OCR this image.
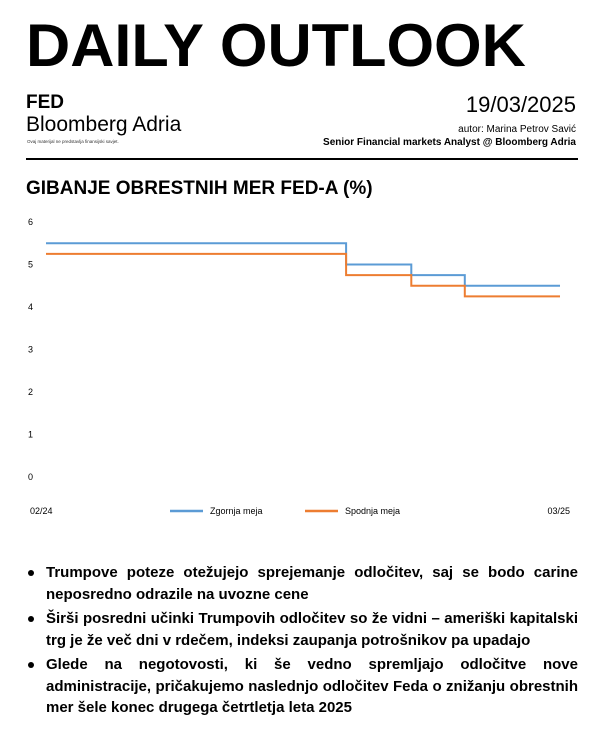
DAILY OUTLOOK
FED
Bloomberg Adria
Ovaj materijal ne predstavlja finansijski savjet.
19/03/2025
autor: Marina Petrov Savić
Senior Financial markets Analyst @ Bloomberg Adria
GIBANJE OBRESTNIH MER FED-A (%)
0
1
2
3
4
5
6
02/24	03/25
Zgornja meja	Spodnja meja
Trumpove poteze otežujejo sprejemanje odločitev, saj se bodo carine neposredno odrazile na uvozne cene
Širši posredni učinki Trumpovih odločitev so že vidni – ameriški kapitalski trg je že več dni v rdečem, indeksi zaupanja potrošnikov pa upadajo
Glede na negotovosti, ki še vedno spremljajo odločitve nove administracije, pričakujemo naslednjo odločitev Feda o znižanju obrestnih mer šele konec drugega četrtletja leta 2025
